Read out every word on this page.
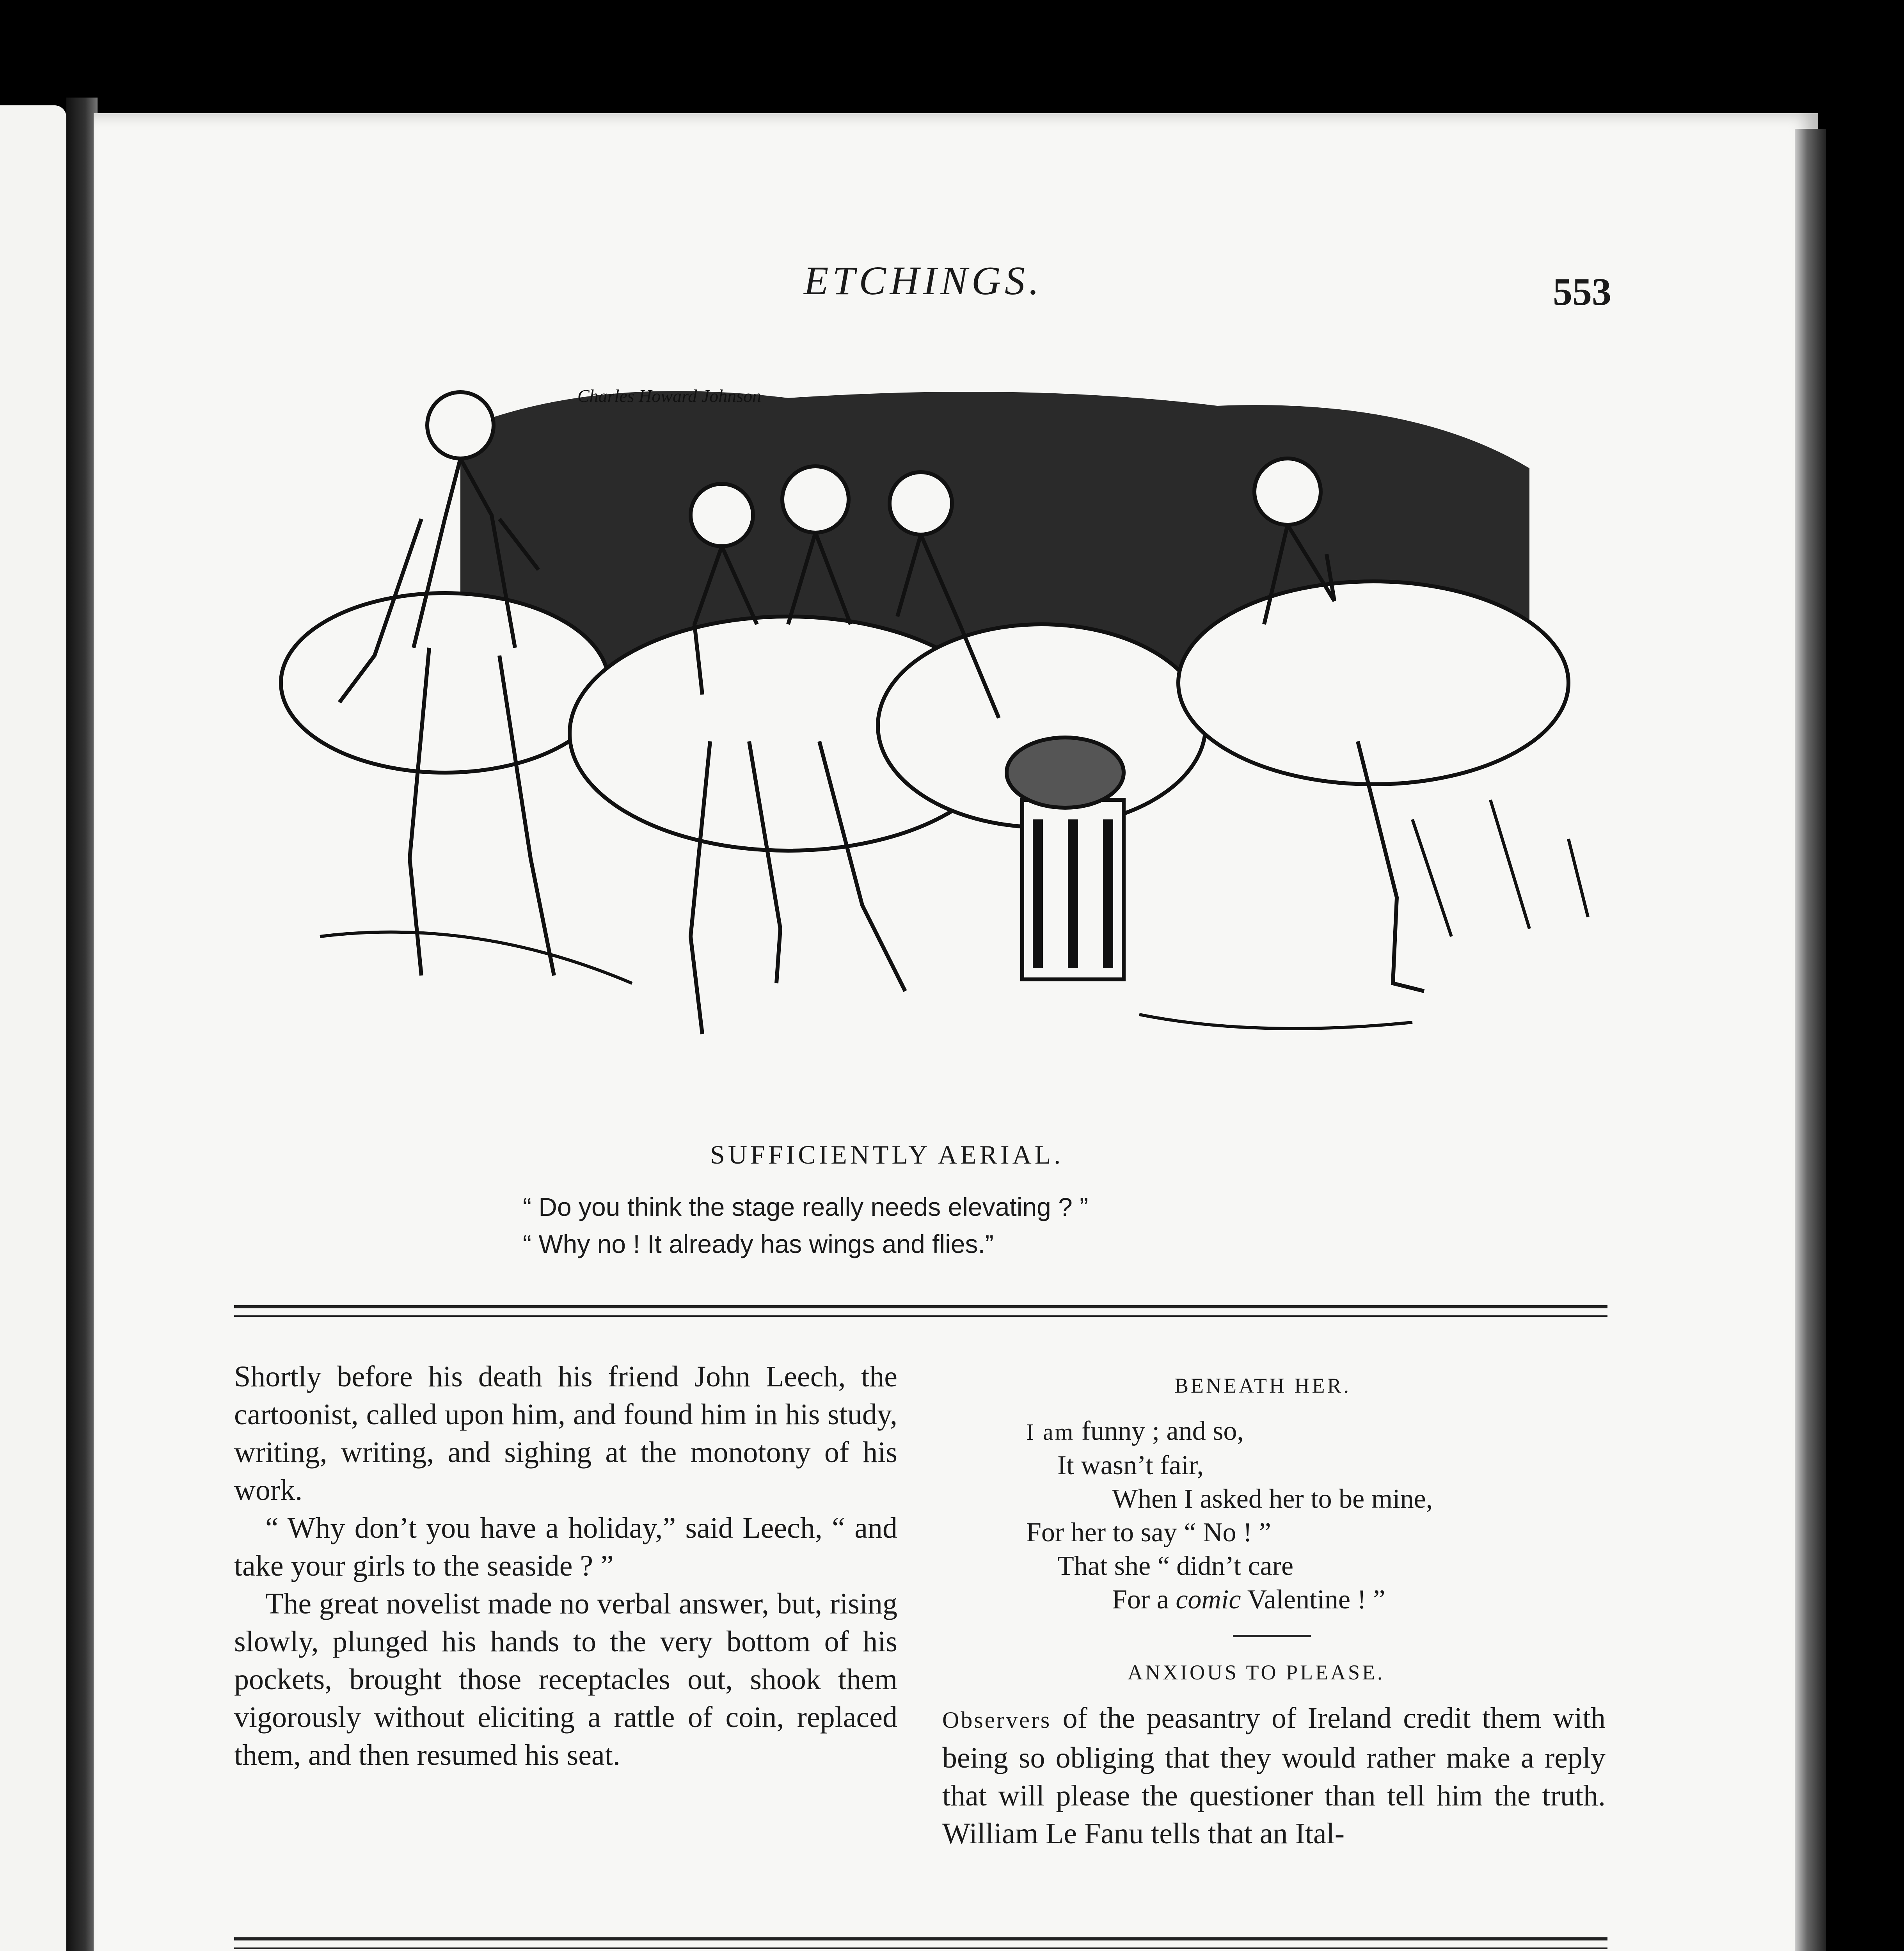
ETCHINGS.	553
Charles Howard Johnson
SUFFICIENTLY AERIAL.
“ Do you think the stage really needs elevating ? ”
“ Why no ! It already has wings and flies.”

Shortly before his death his friend John Leech, the cartoonist, called upon him, and found him in his study, writing, writing, and sighing at the monotony of his work.

“ Why don’t you have a holiday,” said Leech, “ and take your girls to the seaside ? ”

The great novelist made no verbal answer, but, rising slowly, plunged his hands to the very bottom of his pockets, brought those receptacles out, shook them vigorously without eliciting a rattle of coin, replaced them, and then resumed his seat.

BENEATH HER.
I am funny ; and so,
It wasn’t fair,
When I asked her to be mine,
For her to say “ No ! ”
That she “ didn’t care
For a comic Valentine ! ”
ANXIOUS TO PLEASE.

Observers of the peasantry of Ireland credit them with being so obliging that they would rather make a reply that will please the questioner than tell him the truth. William Le Fanu tells that an Ital-
